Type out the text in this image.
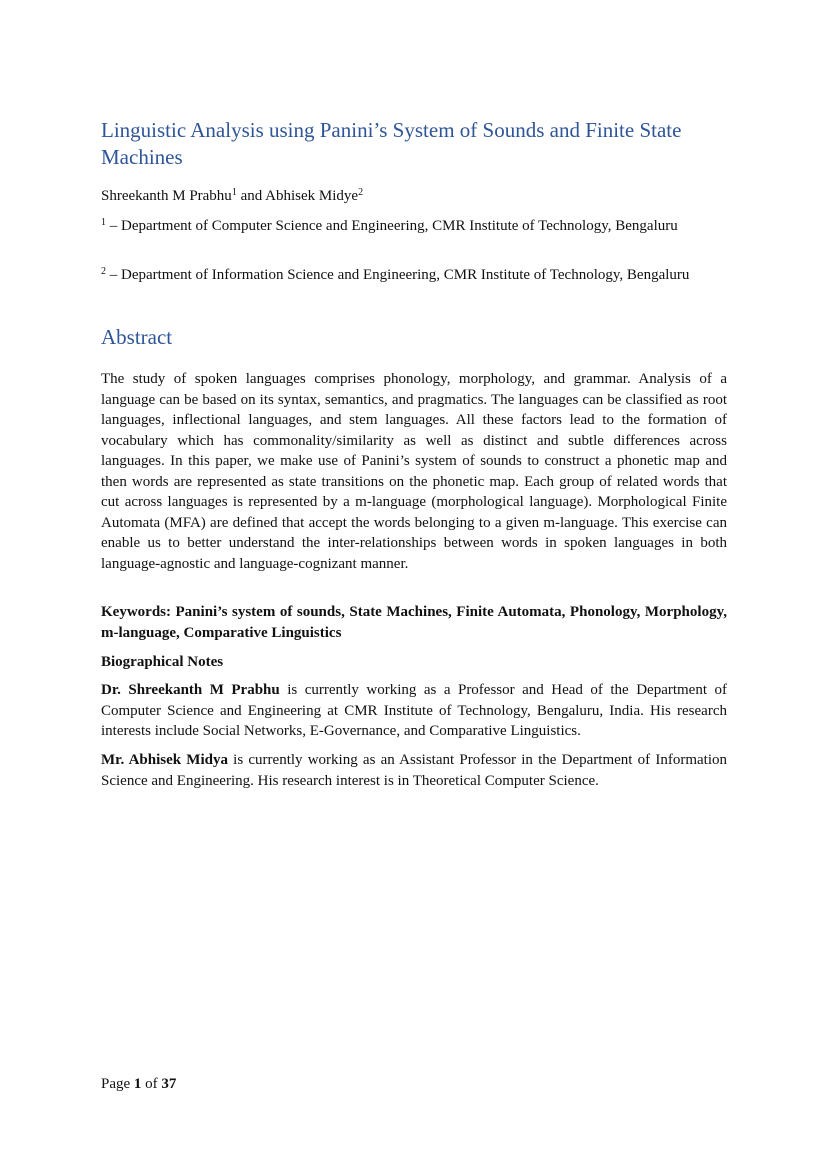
Linguistic Analysis using Panini’s System of Sounds and Finite State Machines

Shreekanth M Prabhu$^1$ and Abhisek Midye$^2$

$^1$ – Department of Computer Science and Engineering, CMR Institute of Technology, Bengaluru

$^2$ – Department of Information Science and Engineering, CMR Institute of Technology, Bengaluru

Abstract

The study of spoken languages comprises phonology, morphology, and grammar. Analysis of a language can be based on its syntax, semantics, and pragmatics. The languages can be classified as root languages, inflectional languages, and stem languages. All these factors lead to the formation of vocabulary which has commonality/similarity as well as distinct and subtle differences across languages. In this paper, we make use of Panini’s system of sounds to construct a phonetic map and then words are represented as state transitions on the phonetic map. Each group of related words that cut across languages is represented by a m-language (morphological language). Morphological Finite Automata (MFA) are defined that accept the words belonging to a given m-language. This exercise can enable us to better understand the inter-relationships between words in spoken languages in both language-agnostic and language-cognizant manner.

Keywords: Panini’s system of sounds, State Machines, Finite Automata, Phonology, Morphology, m-language, Comparative Linguistics

Biographical Notes

Dr. Shreekanth M Prabhu is currently working as a Professor and Head of the Department of Computer Science and Engineering at CMR Institute of Technology, Bengaluru, India. His research interests include Social Networks, E-Governance, and Comparative Linguistics.

Mr. Abhisek Midya is currently working as an Assistant Professor in the Department of Information Science and Engineering. His research interest is in Theoretical Computer Science.

Page 1 of 37
